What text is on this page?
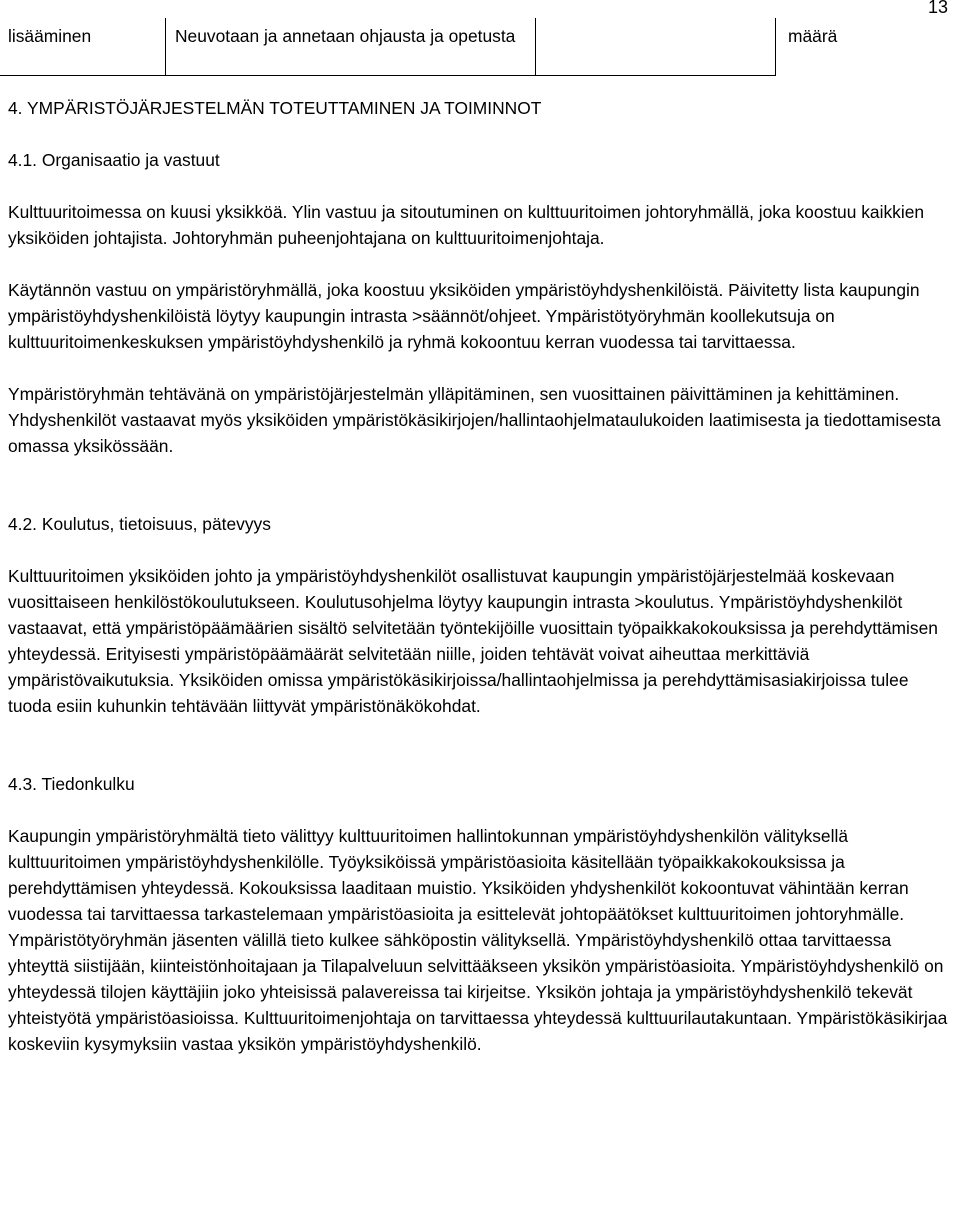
13
lisääminen	Neuvotaan ja annetaan ohjausta ja opetusta	määrä

4. YMPÄRISTÖJÄRJESTELMÄN TOTEUTTAMINEN JA TOIMINNOT

4.1. Organisaatio ja vastuut

Kulttuuritoimessa on kuusi yksikköä. Ylin vastuu ja sitoutuminen on kulttuuritoimen johtoryhmällä, joka koostuu kaikkien yksiköiden johtajista. Johtoryhmän puheenjohtajana on kulttuuritoimenjohtaja.

Käytännön vastuu on ympäristöryhmällä, joka koostuu yksiköiden ympäristöyhdyshenkilöistä. Päivitetty lista kaupungin ympäristöyhdyshenkilöistä löytyy kaupungin intrasta >säännöt/ohjeet. Ympäristötyöryhmän koollekutsuja on kulttuuritoimenkeskuksen ympäristöyhdyshenkilö ja ryhmä kokoontuu kerran vuodessa tai tarvittaessa.

Ympäristöryhmän tehtävänä on ympäristöjärjestelmän ylläpitäminen, sen vuosittainen päivittäminen ja kehittäminen. Yhdyshenkilöt vastaavat myös yksiköiden ympäristökäsikirjojen/hallintaohjelmataulukoiden laatimisesta ja tiedottamisesta omassa yksikössään.

4.2. Koulutus, tietoisuus, pätevyys

Kulttuuritoimen yksiköiden johto ja ympäristöyhdyshenkilöt osallistuvat kaupungin ympäristöjärjestelmää koskevaan vuosittaiseen henkilöstökoulutukseen. Koulutusohjelma löytyy kaupungin intrasta >koulutus. Ympäristöyhdyshenkilöt vastaavat, että ympäristöpäämäärien sisältö selvitetään työntekijöille vuosittain työpaikkakokouksissa ja perehdyttämisen yhteydessä. Erityisesti ympäristöpäämäärät selvitetään niille, joiden tehtävät voivat aiheuttaa merkittäviä ympäristövaikutuksia. Yksiköiden omissa ympäristökäsikirjoissa/hallintaohjelmissa ja perehdyttämisasiakirjoissa tulee tuoda esiin kuhunkin tehtävään liittyvät ympäristönäkökohdat.

4.3. Tiedonkulku

Kaupungin ympäristöryhmältä tieto välittyy kulttuuritoimen hallintokunnan ympäristöyhdyshenkilön välityksellä kulttuuritoimen ympäristöyhdyshenkilölle. Työyksiköissä ympäristöasioita käsitellään työpaikkakokouksissa ja perehdyttämisen yhteydessä. Kokouksissa laaditaan muistio. Yksiköiden yhdyshenkilöt kokoontuvat vähintään kerran vuodessa tai tarvittaessa tarkastelemaan ympäristöasioita ja esittelevät johtopäätökset kulttuuritoimen johtoryhmälle. Ympäristötyöryhmän jäsenten välillä tieto kulkee sähköpostin välityksellä. Ympäristöyhdyshenkilö ottaa tarvittaessa yhteyttä siistijään, kiinteistönhoitajaan ja Tilapalveluun selvittääkseen yksikön ympäristöasioita. Ympäristöyhdyshenkilö on yhteydessä tilojen käyttäjiin joko yhteisissä palavereissa tai kirjeitse. Yksikön johtaja ja ympäristöyhdyshenkilö tekevät yhteistyötä ympäristöasioissa. Kulttuuritoimenjohtaja on tarvittaessa yhteydessä kulttuurilautakuntaan. Ympäristökäsikirjaa koskeviin kysymyksiin vastaa yksikön ympäristöyhdyshenkilö.
